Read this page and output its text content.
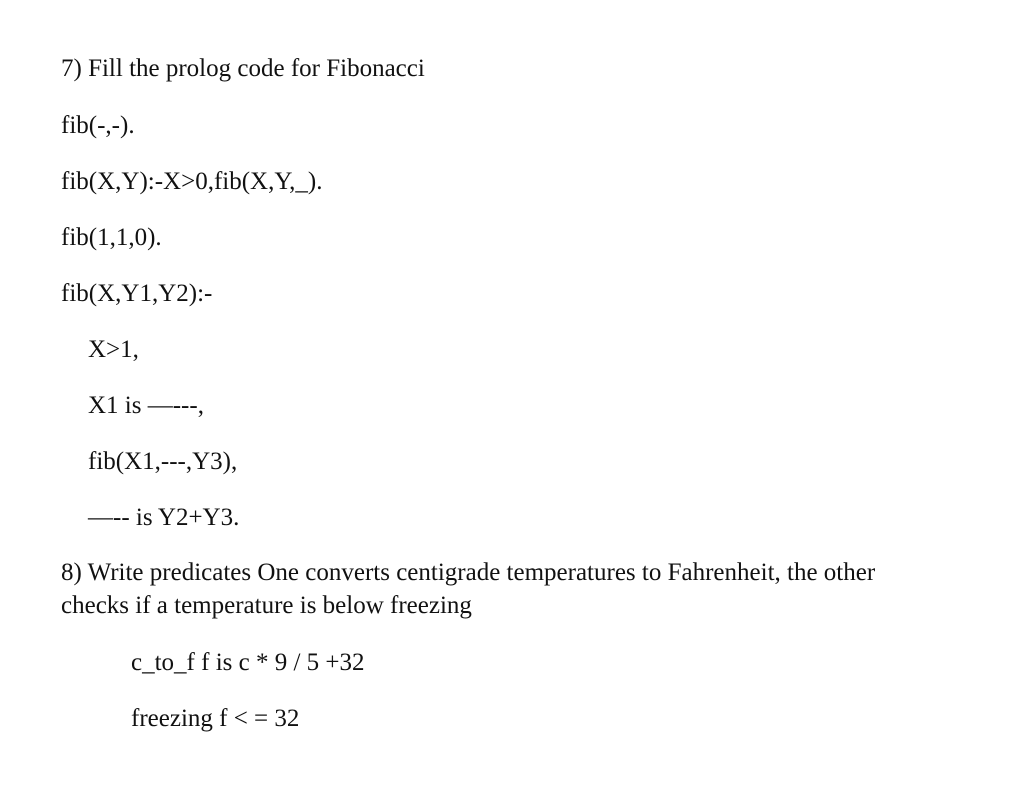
7) Fill the prolog code for Fibonacci
fib(-,-).
fib(X,Y):-X>0,fib(X,Y,_).
fib(1,1,0).
fib(X,Y1,Y2):-
X>1,
X1 is —---,
fib(X1,---,Y3),
—-- is Y2+Y3.
8) Write predicates One converts centigrade temperatures to Fahrenheit, the other
checks if a temperature is below freezing
c_to_f f is c * 9 / 5 +32
freezing f < = 32
